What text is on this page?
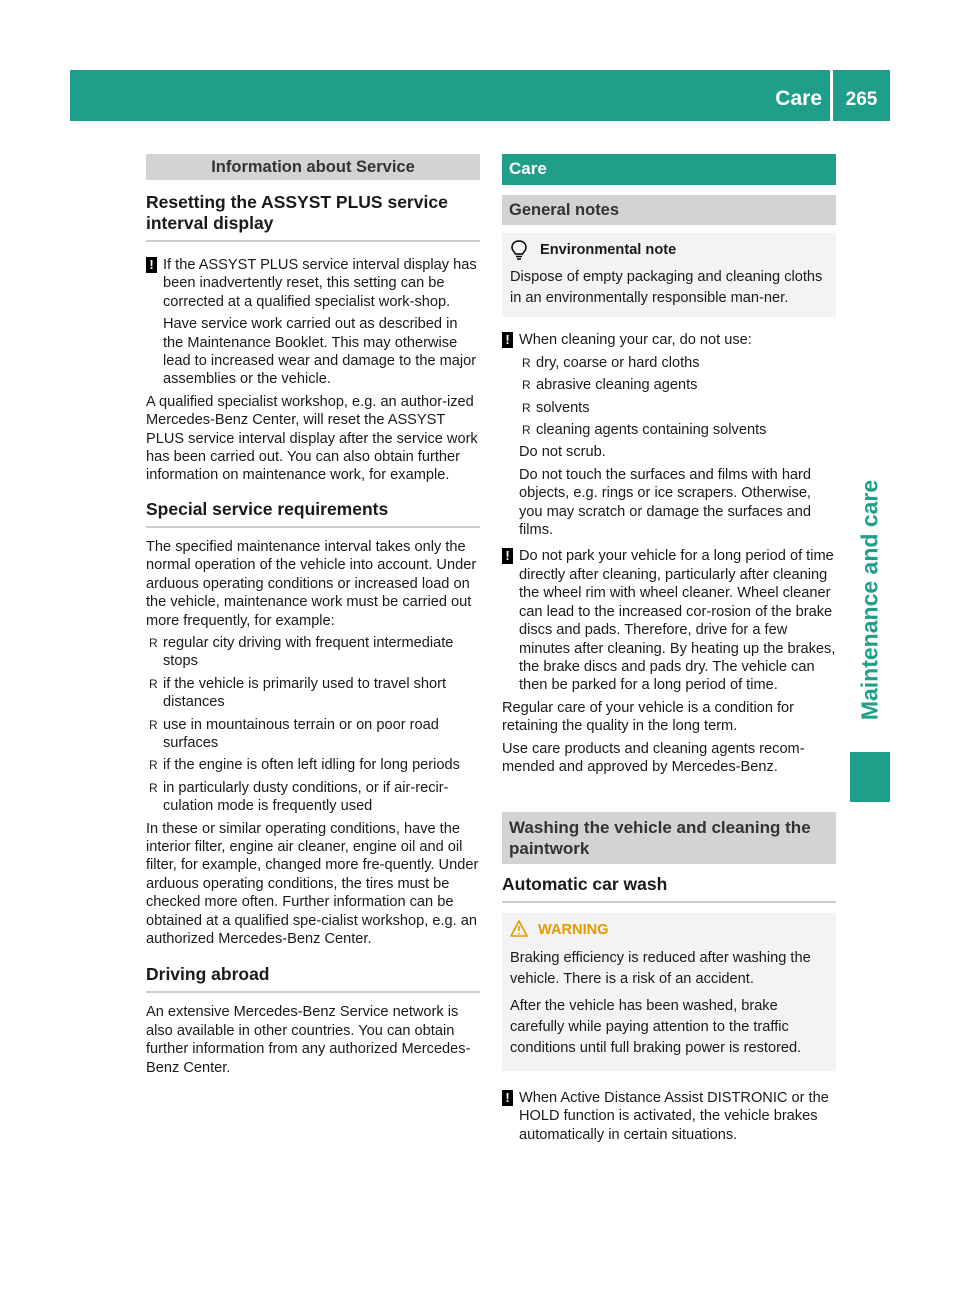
Care	265
Maintenance and care
Information about Service
Resetting the ASSYST PLUS service interval display
! If the ASSYST PLUS service interval display has been inadvertently reset, this setting can be corrected at a qualified specialist work-shop.

Have service work carried out as described in the Maintenance Booklet. This may otherwise lead to increased wear and damage to the major assemblies or the vehicle.

A qualified specialist workshop, e.g. an author-ized Mercedes-Benz Center, will reset the ASSYST PLUS service interval display after the service work has been carried out. You can also obtain further information on maintenance work, for example.

Special service requirements

The specified maintenance interval takes only the normal operation of the vehicle into account. Under arduous operating conditions or increased load on the vehicle, maintenance work must be carried out more frequently, for example:

R regular city driving with frequent intermediate stops
R if the vehicle is primarily used to travel short distances
R use in mountainous terrain or on poor road surfaces
R if the engine is often left idling for long periods
R in particularly dusty conditions, or if air-recir-culation mode is frequently used

In these or similar operating conditions, have the interior filter, engine air cleaner, engine oil and oil filter, for example, changed more fre-quently. Under arduous operating conditions, the tires must be checked more often. Further information can be obtained at a qualified spe-cialist workshop, e.g. an authorized Mercedes-Benz Center.

Driving abroad

An extensive Mercedes-Benz Service network is also available in other countries. You can obtain further information from any authorized Mercedes-Benz Center.

Care
General notes
Environmental note

Dispose of empty packaging and cleaning cloths in an environmentally responsible man-ner.

! When cleaning your car, do not use:

R dry, coarse or hard cloths
R abrasive cleaning agents
R solvents
R cleaning agents containing solvents

Do not scrub.

Do not touch the surfaces and films with hard objects, e.g. rings or ice scrapers. Otherwise, you may scratch or damage the surfaces and films.

! Do not park your vehicle for a long period of time directly after cleaning, particularly after cleaning the wheel rim with wheel cleaner. Wheel cleaner can lead to the increased cor-rosion of the brake discs and pads. Therefore, drive for a few minutes after cleaning. By heating up the brakes, the brake discs and pads dry. The vehicle can then be parked for a long period of time.

Regular care of your vehicle is a condition for retaining the quality in the long term.

Use care products and cleaning agents recom-mended and approved by Mercedes-Benz.

Washing the vehicle and cleaning the paintwork
Automatic car wash
WARNING

Braking efficiency is reduced after washing the vehicle. There is a risk of an accident.

After the vehicle has been washed, brake carefully while paying attention to the traffic conditions until full braking power is restored.

! When Active Distance Assist DISTRONIC or the HOLD function is activated, the vehicle brakes automatically in certain situations.
